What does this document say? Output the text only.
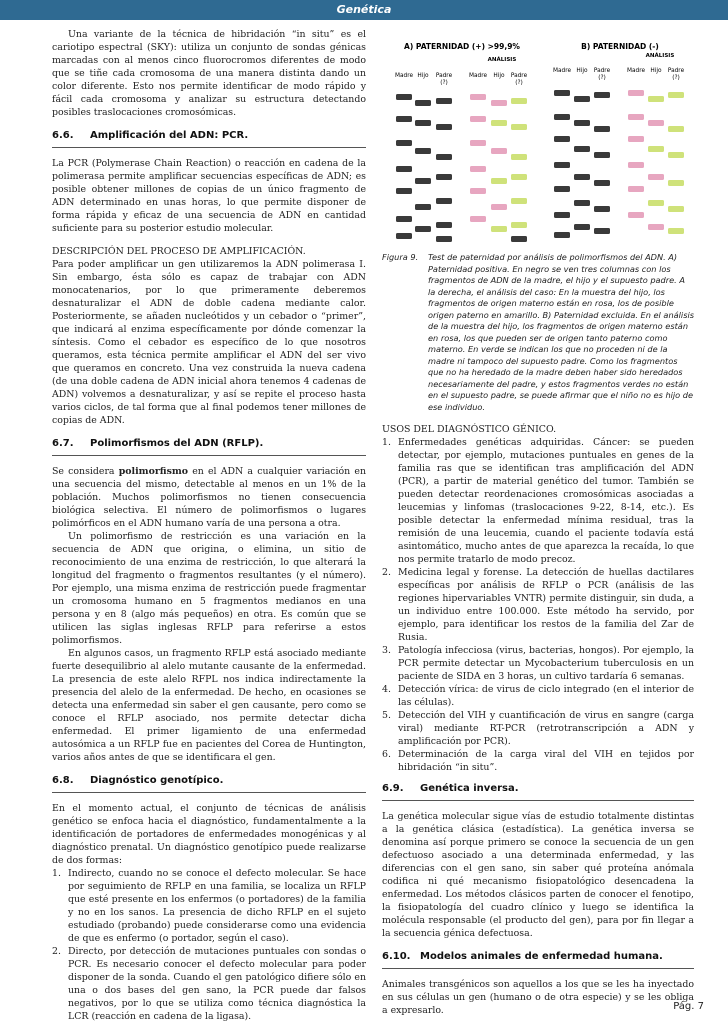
Genética

Una variante de la técnica de hibridación “in situ” es el cariotipo espectral (SKY): utiliza un conjunto de sondas génicas marcadas con al menos cinco fluorocromos diferentes de modo que se tiñe cada cromosoma de una manera distinta dando un color diferente. Esto nos permite identificar de modo rápido y fácil cada cromosoma y analizar su estructura detectando posibles traslocaciones cromosómicas.

6.6. Amplificación del ADN: PCR.

La PCR (Polymerase Chain Reaction) o reacción en cadena de la polimerasa permite amplificar secuencias específicas de ADN; es posible obtener millones de copias de un único fragmento de ADN determinado en unas horas, lo que permite disponer de forma rápida y eficaz de una secuencia de ADN en cantidad suficiente para su posterior estudio molecular.

DESCRIPCIÓN DEL PROCESO DE AMPLIFICACIÓN.

Para poder amplificar un gen utilizaremos la ADN polimerasa I. Sin embargo, ésta sólo es capaz de trabajar con ADN monocatenarios, por lo que primeramente deberemos desnaturalizar el ADN de doble cadena mediante calor. Posteriormente, se añaden nucleótidos y un cebador o “primer”, que indicará al enzima específicamente por dónde comenzar la síntesis. Como el cebador es específico de lo que nosotros queramos, esta técnica permite amplificar el ADN del ser vivo que queramos en concreto. Una vez construida la nueva cadena (de una doble cadena de ADN inicial ahora tenemos 4 cadenas de ADN) volvemos a desnaturalizar, y así se repite el proceso hasta varios ciclos, de tal forma que al final podemos tener millones de copias de ADN.

6.7. Polimorfismos del ADN (RFLP).

Se considera polimorfismo en el ADN a cualquier variación en una secuencia del mismo, detectable al menos en un 1% de la población. Muchos polimorfismos no tienen consecuencia biológica selectiva. El número de polimorfismos o lugares polimórficos en el ADN humano varía de una persona a otra.

Un polimorfismo de restricción es una variación en la secuencia de ADN que origina, o elimina, un sitio de reconocimiento de una enzima de restricción, lo que alterará la longitud del fragmento o fragmentos resultantes (y el número). Por ejemplo, una misma enzima de restricción puede fragmentar un cromosoma humano en 5 fragmentos medianos en una persona y en 8 (algo más pequeños) en otra. Es común que se utilicen las siglas inglesas RFLP para referirse a estos polimorfismos.

En algunos casos, un fragmento RFLP está asociado mediante fuerte desequilibrio al alelo mutante causante de la enfermedad. La presencia de este alelo RFPL nos indica indirectamente la presencia del alelo de la enfermedad. De hecho, en ocasiones se detecta una enfermedad sin saber el gen causante, pero como se conoce el RFLP asociado, nos permite detectar dicha enfermedad. El primer ligamiento de una enfermedad autosómica a un RFLP fue en pacientes del Corea de Huntington, varios años antes de que se identificara el gen.

6.8. Diagnóstico genotípico.

En el momento actual, el conjunto de técnicas de análisis genético se enfoca hacia el diagnóstico, fundamentalmente a la identificación de portadores de enfermedades monogénicas y al diagnóstico prenatal. Un diagnóstico genotípico puede realizarse de dos formas:

1. Indirecto, cuando no se conoce el defecto molecular. Se hace por seguimiento de RFLP en una familia, se localiza un RFLP que esté presente en los enfermos (o portadores) de la familia y no en los sanos. La presencia de dicho RFLP en el sujeto estudiado (probando) puede considerarse como una evidencia de que es enfermo (o portador, según el caso).
2. Directo, por detección de mutaciones puntuales con sondas o PCR. Es necesario conocer el defecto molecular para poder disponer de la sonda. Cuando el gen patológico difiere sólo en una o dos bases del gen sano, la PCR puede dar falsos negativos, por lo que se utiliza como técnica diagnóstica la LCR (reacción en cadena de la ligasa).
A) PATERNIDAD (+) >99,9%	B) PATERNIDAD (-)
ANÁLISIS
ANÁLISIS
Madre Hijo Padre
(?)
Madre Hijo Padre
(?)
Madre Hijo Padre
(?)
Madre Hijo Padre
(?)
Figura 9.	Test de paternidad por análisis de polimorfismos del ADN. A) Paternidad positiva. En negro se ven tres columnas con los fragmentos de ADN de la madre, el hijo y el supuesto padre. A la derecha, el análisis del caso: En la muestra del hijo, los fragmentos de origen materno están en rosa, los de posible origen paterno en amarillo. B) Paternidad excluida. En el análisis de la muestra del hijo, los fragmentos de origen materno están en rosa, los que pueden ser de origen tanto paterno como materno. En verde se indican los que no proceden ni de la madre ni tampoco del supuesto padre. Como los fragmentos que no ha heredado de la madre deben haber sido heredados necesariamente del padre, y estos fragmentos verdes no están en el supuesto padre, se puede afirmar que el niño no es hijo de ese individuo.

USOS DEL DIAGNÓSTICO GÉNICO.

1. Enfermedades genéticas adquiridas. Cáncer: se pueden detectar, por ejemplo, mutaciones puntuales en genes de la familia ras que se identifican tras amplificación del ADN (PCR), a partir de material genético del tumor. También se pueden detectar reordenaciones cromosómicas asociadas a leucemias y linfomas (traslocaciones 9-22, 8-14, etc.). Es posible detectar la enfermedad mínima residual, tras la remisión de una leucemia, cuando el paciente todavía está asintomático, mucho antes de que aparezca la recaída, lo que nos permite tratarlo de modo precoz.
2. Medicina legal y forense. La detección de huellas dactilares específicas por análisis de RFLP o PCR (análisis de las regiones hipervariables VNTR) permite distinguir, sin duda, a un individuo entre 100.000. Este método ha servido, por ejemplo, para identificar los restos de la familia del Zar de Rusia.
3. Patología infecciosa (virus, bacterias, hongos). Por ejemplo, la PCR permite detectar un Mycobacterium tuberculosis en un paciente de SIDA en 3 horas, un cultivo tardaría 6 semanas.
4. Detección vírica: de virus de ciclo integrado (en el interior de las células).
5. Detección del VIH y cuantificación de virus en sangre (carga viral) mediante RT-PCR (retrotranscripción a ADN y amplificación por PCR).
6. Determinación de la carga viral del VIH en tejidos por hibridación “in situ”.
6.9. Genética inversa.

La genética molecular sigue vías de estudio totalmente distintas a la genética clásica (estadística). La genética inversa se denomina así porque primero se conoce la secuencia de un gen defectuoso asociado a una determinada enfermedad, y las diferencias con el gen sano, sin saber qué proteína anómala codifica ni qué mecanismo fisiopatológico desencadena la enfermedad. Los métodos clásicos parten de conocer el fenotipo, la fisiopatología del cuadro clínico y luego se identifica la molécula responsable (el producto del gen), para por fin llegar a la secuencia génica defectuosa.

6.10. Modelos animales de enfermedad humana.

Animales transgénicos son aquellos a los que se les ha inyectado en sus células un gen (humano o de otra especie) y se les obliga a expresarlo.	Pág. 7
